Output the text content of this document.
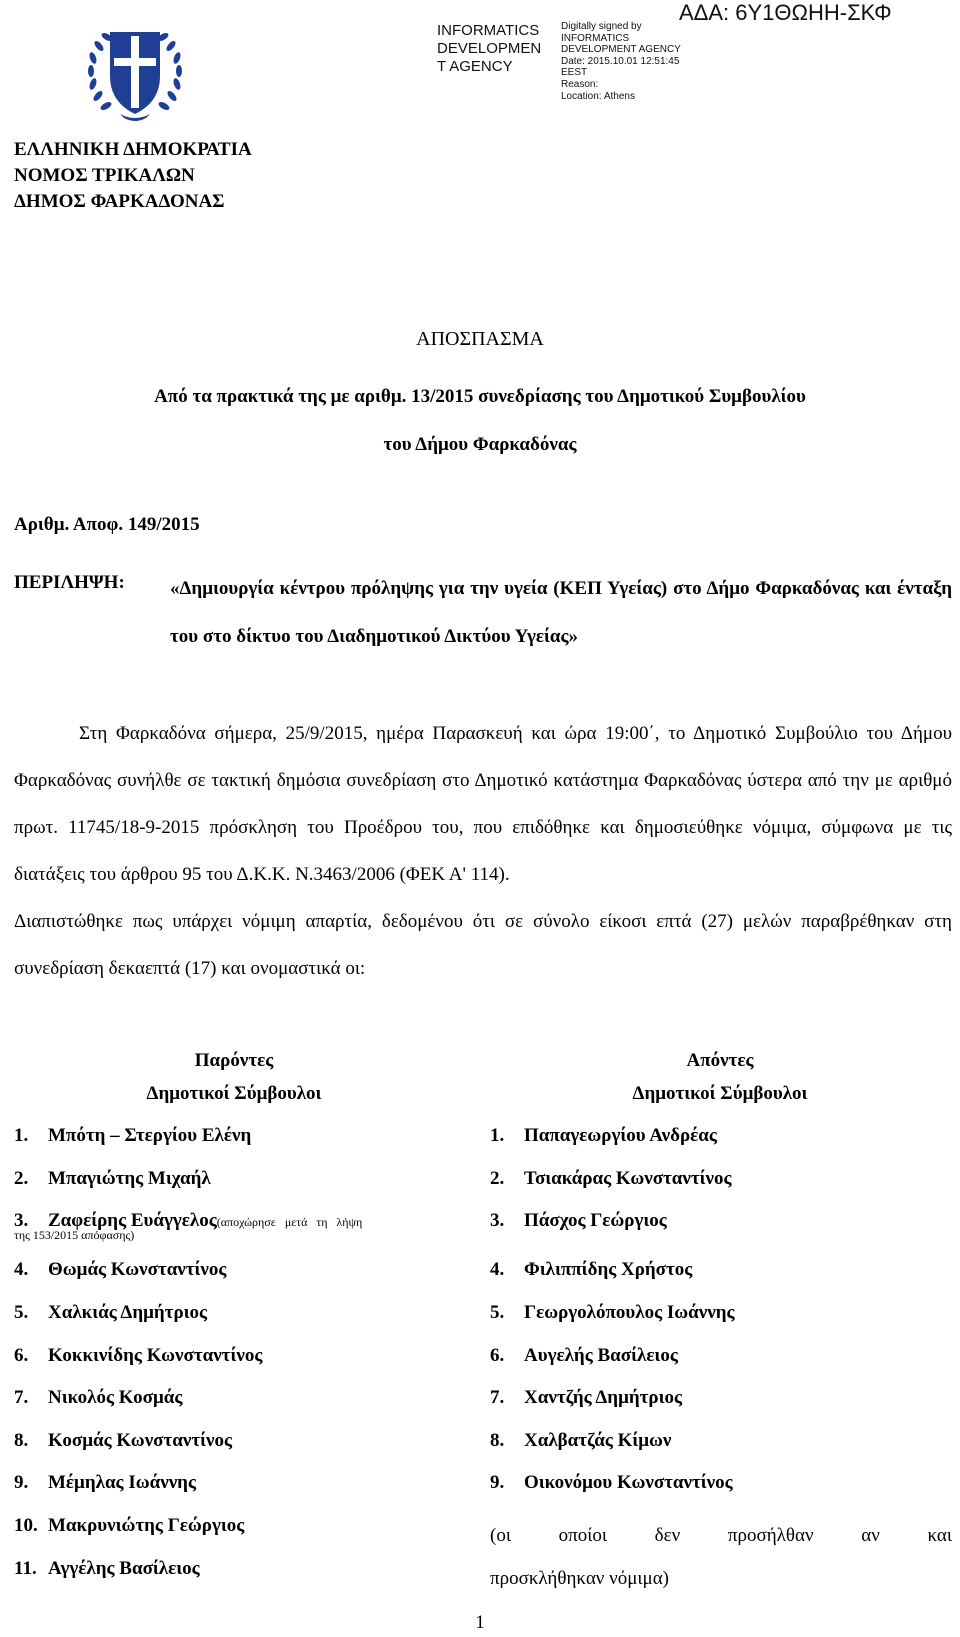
INFORMATICS
DEVELOPMEN
T AGENCY
Digitally signed by
INFORMATICS
DEVELOPMENT AGENCY
Date: 2015.10.01 12:51:45
EEST
Reason:
Location: Athens
ΑΔΑ: 6Υ1ΘΩΗΗ-ΣΚΦ
ΕΛΛΗΝΙΚΗ ΔΗΜΟΚΡΑΤΙΑ
ΝΟΜΟΣ ΤΡΙΚΑΛΩΝ
ΔΗΜΟΣ ΦΑΡΚΑΔΟΝΑΣ
ΑΠΟΣΠΑΣΜΑ
Από τα πρακτικά της με αριθμ. 13/2015 συνεδρίασης του Δημοτικού Συμβουλίου
του Δήμου Φαρκαδόνας
Αριθμ. Αποφ. 149/2015
ΠΕΡΙΛΗΨΗ: «Δημιουργία κέντρου πρόληψης για την υγεία (ΚΕΠ Υγείας) στο Δήμο Φαρκαδόνας και ένταξη του στο δίκτυο του Διαδημοτικού Δικτύου Υγείας»
Στη Φαρκαδόνα σήμερα, 25/9/2015, ημέρα Παρασκευή και ώρα 19:00΄, το Δημοτικό Συμβούλιο του Δήμου Φαρκαδόνας συνήλθε σε τακτική δημόσια συνεδρίαση στο Δημοτικό κατάστημα Φαρκαδόνας ύστερα από την με αριθμό πρωτ. 11745/18-9-2015 πρόσκληση του Προέδρου του, που επιδόθηκε και δημοσιεύθηκε νόμιμα, σύμφωνα με τις διατάξεις του άρθρου 95 του Δ.Κ.Κ. Ν.3463/2006 (ΦΕΚ Α' 114).
Διαπιστώθηκε πως υπάρχει νόμιμη απαρτία, δεδομένου ότι σε σύνολο είκοσι επτά (27) μελών παραβρέθηκαν στη συνεδρίαση δεκαεπτά (17) και ονομαστικά οι:
Παρόντες
Δημοτικοί Σύμβουλοι
Απόντες
Δημοτικοί Σύμβουλοι
1. Μπότη – Στεργίου Ελένη
2. Μπαγιώτης Μιχαήλ
3. Ζαφείρης Ευάγγελος(αποχώρησε μετά τη λήψη
της 153/2015 απόφασης)
4. Θωμάς Κωνσταντίνος
5. Χαλκιάς Δημήτριος
6. Κοκκινίδης Κωνσταντίνος
7. Νικολός Κοσμάς
8. Κοσμάς Κωνσταντίνος
9. Μέμηλας Ιωάννης
10. Μακρυνιώτης Γεώργιος
11. Αγγέλης Βασίλειος
1. Παπαγεωργίου Ανδρέας
2. Τσιακάρας Κωνσταντίνος
3. Πάσχος Γεώργιος
4. Φιλιππίδης Χρήστος
5. Γεωργολόπουλος Ιωάννης
6. Αυγελής Βασίλειος
7. Χαντζής Δημήτριος
8. Χαλβατζάς Κίμων
9. Οικονόμου Κωνσταντίνος
(οι οποίοι δεν προσήλθαν αν και
προσκλήθηκαν νόμιμα)
1
